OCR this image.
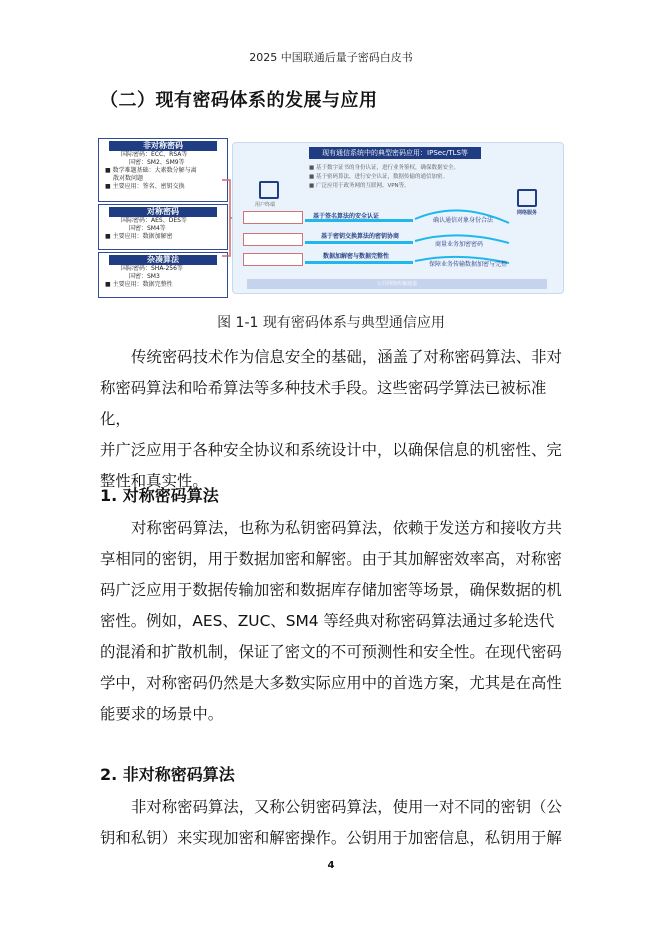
2025 中国联通后量子密码白皮书
（二）现有密码体系的发展与应用
非对称密码
国际密码：ECC、RSA等
国密：SM2、SM9等
■ 数学难题基础：大素数分解与离
散对数问题
■ 主要应用：签名、密钥交换
对称密码
国际密码：AES、DES等
国密：SM4等
■ 主要应用：数据加解密
杂凑算法
国际密码：SHA-256等
国密：SM3
■ 主要应用：数据完整性
现有通信系统中的典型密码应用：IPSec/TLS等
■ 基于数字证书的身份认证，进行业务鉴权，确保数据安全。
■ 基于密码算法，进行安全认证，数据传输的通信加密。
■ 广泛应用于政务网的互联网、VPN等。
用户终端
基于签名算法的安全认证
基于密钥交换算法的密钥协商
数据加解密与数据完整性
确认通信对象身份合法
商量业务加密密码
保障业务传输数据加密与完整
网络服务
公共网络传输通道
图 1-1 现有密码体系与典型通信应用
传统密码技术作为信息安全的基础，涵盖了对称密码算法、非对
称密码算法和哈希算法等多种技术手段。这些密码学算法已被标准化，
并广泛应用于各种安全协议和系统设计中，以确保信息的机密性、完
整性和真实性。
1. 对称密码算法
对称密码算法，也称为私钥密码算法，依赖于发送方和接收方共
享相同的密钥，用于数据加密和解密。由于其加解密效率高，对称密
码广泛应用于数据传输加密和数据库存储加密等场景，确保数据的机
密性。例如，AES、ZUC、SM4 等经典对称密码算法通过多轮迭代
的混淆和扩散机制，保证了密文的不可预测性和安全性。在现代密码
学中，对称密码仍然是大多数实际应用中的首选方案，尤其是在高性
能要求的场景中。
2. 非对称密码算法
非对称密码算法，又称公钥密码算法，使用一对不同的密钥（公
钥和私钥）来实现加密和解密操作。公钥用于加密信息，私钥用于解
4
